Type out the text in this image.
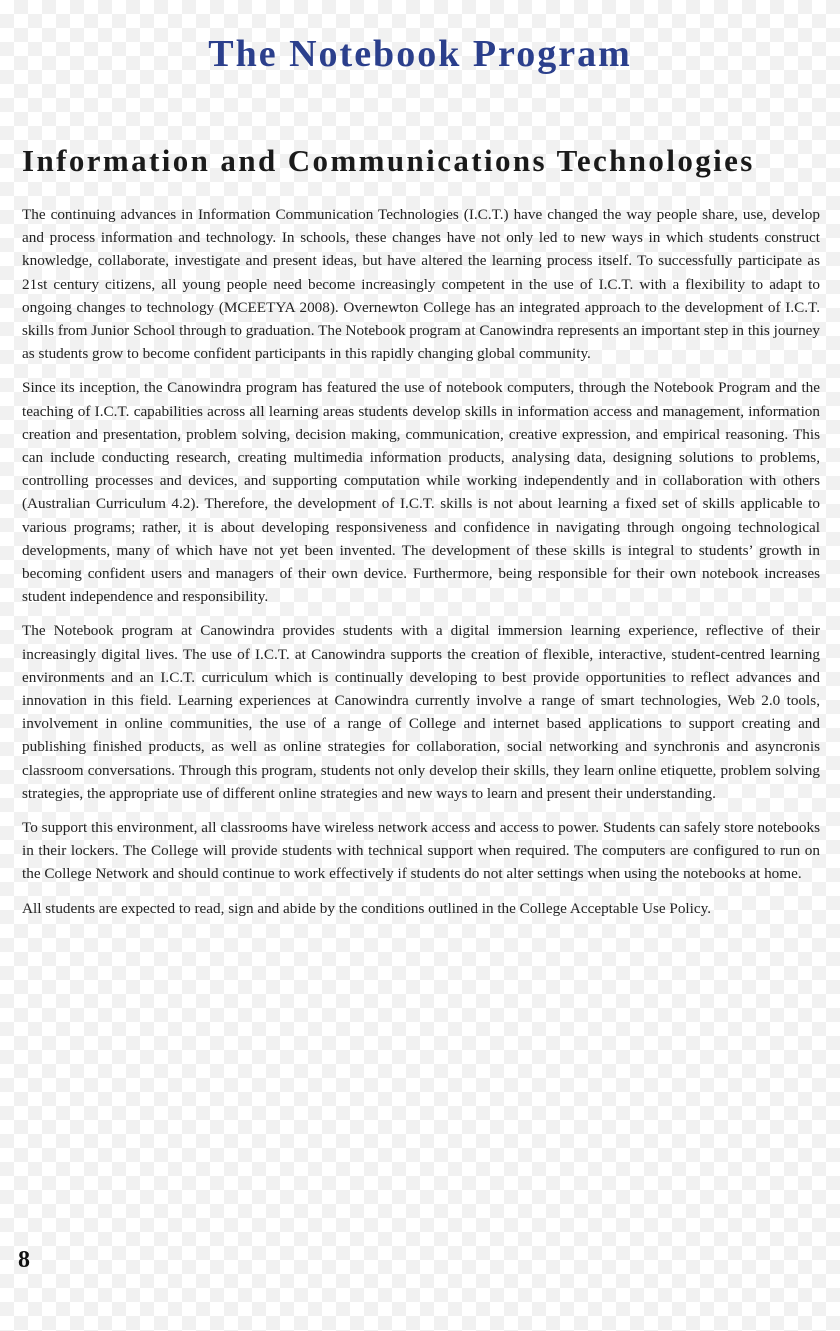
The Notebook Program
Information and Communications Technologies

The continuing advances in Information Communication Technologies (I.C.T.) have changed the way people share, use, develop and process information and technology. In schools, these changes have not only led to new ways in which students construct knowledge, collaborate, investigate and present ideas, but have altered the learning process itself. To successfully participate as 21st century citizens, all young people need become increasingly competent in the use of I.C.T. with a flexibility to adapt to ongoing changes to technology (MCEETYA 2008). Overnewton College has an integrated approach to the development of I.C.T. skills from Junior School through to graduation. The Notebook program at Canowindra represents an important step in this journey as students grow to become confident participants in this rapidly changing global community.

Since its inception, the Canowindra program has featured the use of notebook computers, through the Notebook Program and the teaching of I.C.T. capabilities across all learning areas students develop skills in information access and management, information creation and presentation, problem solving, decision making, communication, creative expression, and empirical reasoning. This can include conducting research, creating multimedia information products, analysing data, designing solutions to problems, controlling processes and devices, and supporting computation while working independently and in collaboration with others (Australian Curriculum 4.2). Therefore, the development of I.C.T. skills is not about learning a fixed set of skills applicable to various programs; rather, it is about developing responsiveness and confidence in navigating through ongoing technological developments, many of which have not yet been invented. The development of these skills is integral to students’ growth in becoming confident users and managers of their own device. Furthermore, being responsible for their own notebook increases student independence and responsibility.

The Notebook program at Canowindra provides students with a digital immersion learning experience, reflective of their increasingly digital lives. The use of I.C.T. at Canowindra supports the creation of flexible, interactive, student-centred learning environments and an I.C.T. curriculum which is continually developing to best provide opportunities to reflect advances and innovation in this field. Learning experiences at Canowindra currently involve a range of smart technologies, Web 2.0 tools, involvement in online communities, the use of a range of College and internet based applications to support creating and publishing finished products, as well as online strategies for collaboration, social networking and synchronis and asyncronis classroom conversations. Through this program, students not only develop their skills, they learn online etiquette, problem solving strategies, the appropriate use of different online strategies and new ways to learn and present their understanding.

To support this environment, all classrooms have wireless network access and access to power. Students can safely store notebooks in their lockers. The College will provide students with technical support when required. The computers are configured to run on the College Network and should continue to work effectively if students do not alter settings when using the notebooks at home.

All students are expected to read, sign and abide by the conditions outlined in the College Acceptable Use Policy.

8
